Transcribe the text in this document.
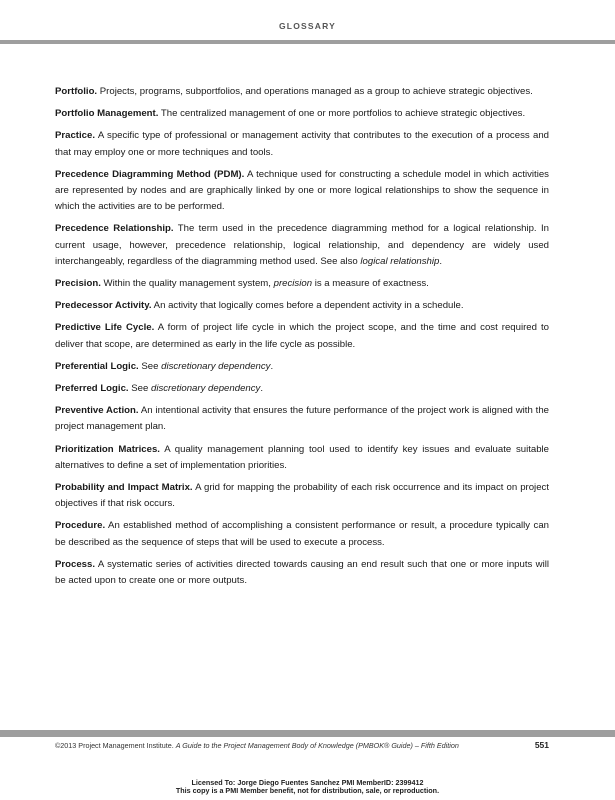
GLOSSARY

Portfolio. Projects, programs, subportfolios, and operations managed as a group to achieve strategic objectives.

Portfolio Management. The centralized management of one or more portfolios to achieve strategic objectives.

Practice. A specific type of professional or management activity that contributes to the execution of a process and that may employ one or more techniques and tools.

Precedence Diagramming Method (PDM). A technique used for constructing a schedule model in which activities are represented by nodes and are graphically linked by one or more logical relationships to show the sequence in which the activities are to be performed.

Precedence Relationship. The term used in the precedence diagramming method for a logical relationship. In current usage, however, precedence relationship, logical relationship, and dependency are widely used interchangeably, regardless of the diagramming method used. See also logical relationship.

Precision. Within the quality management system, precision is a measure of exactness.

Predecessor Activity. An activity that logically comes before a dependent activity in a schedule.

Predictive Life Cycle. A form of project life cycle in which the project scope, and the time and cost required to deliver that scope, are determined as early in the life cycle as possible.

Preferential Logic. See discretionary dependency.

Preferred Logic. See discretionary dependency.

Preventive Action. An intentional activity that ensures the future performance of the project work is aligned with the project management plan.

Prioritization Matrices. A quality management planning tool used to identify key issues and evaluate suitable alternatives to define a set of implementation priorities.

Probability and Impact Matrix. A grid for mapping the probability of each risk occurrence and its impact on project objectives if that risk occurs.

Procedure. An established method of accomplishing a consistent performance or result, a procedure typically can be described as the sequence of steps that will be used to execute a process.

Process. A systematic series of activities directed towards causing an end result such that one or more inputs will be acted upon to create one or more outputs.

©2013 Project Management Institute. A Guide to the Project Management Body of Knowledge (PMBOK® Guide) – Fifth Edition	551
Licensed To: Jorge Diego Fuentes Sanchez PMI MemberID: 2399412
This copy is a PMI Member benefit, not for distribution, sale, or reproduction.
